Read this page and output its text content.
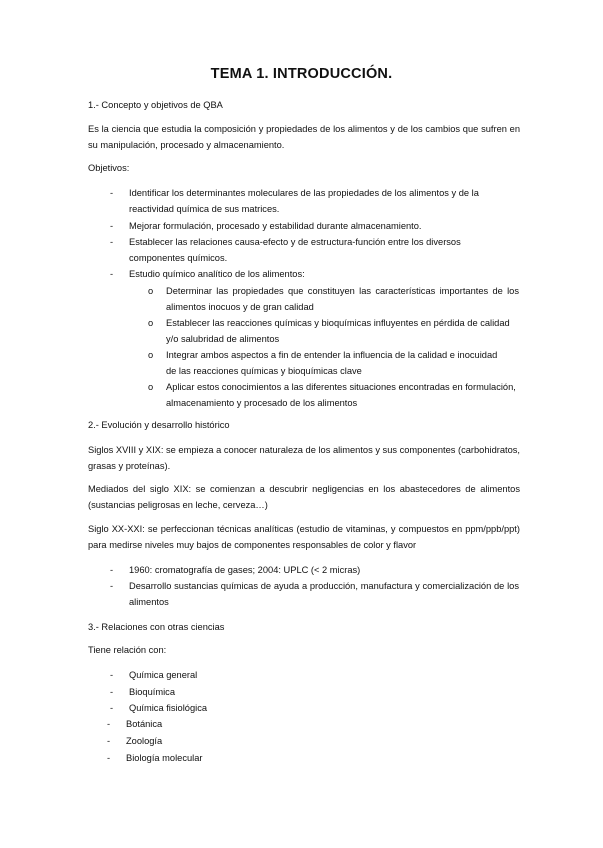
TEMA 1. INTRODUCCIÓN.
1.- Concepto y objetivos de QBA
Es la ciencia que estudia la composición y propiedades de los alimentos y de los cambios que sufren en su manipulación, procesado y almacenamiento.
Objetivos:
- Identificar los determinantes moleculares de las propiedades de los alimentos y de la reactividad química de sus matrices.
- Mejorar formulación, procesado y estabilidad durante almacenamiento.
- Establecer las relaciones causa-efecto y de estructura-función entre los diversos componentes químicos.
- Estudio químico analítico de los alimentos:
o Determinar las propiedades que constituyen las características importantes de los alimentos inocuos y de gran calidad
o Establecer las reacciones químicas y bioquímicas influyentes en pérdida de calidad y/o salubridad de alimentos
o Integrar ambos aspectos a fin de entender la influencia de la calidad e inocuidad de las reacciones químicas y bioquímicas clave
o Aplicar estos conocimientos a las diferentes situaciones encontradas en formulación, almacenamiento y procesado de los alimentos
2.- Evolución y desarrollo histórico
Siglos XVIII y XIX: se empieza a conocer naturaleza de los alimentos y sus componentes (carbohidratos, grasas y proteínas).
Mediados del siglo XIX: se comienzan a descubrir negligencias en los abastecedores de alimentos (sustancias peligrosas en leche, cerveza…)
Siglo XX-XXI: se perfeccionan técnicas analíticas (estudio de vitaminas, y compuestos en ppm/ppb/ppt) para medirse niveles muy bajos de componentes responsables de color y flavor
- 1960: cromatografía de gases; 2004: UPLC (< 2 micras)
- Desarrollo sustancias químicas de ayuda a producción, manufactura y comercialización de los alimentos
3.- Relaciones con otras ciencias
Tiene relación con:
- Química general
- Bioquímica
- Química fisiológica
- Botánica
- Zoología
- Biología molecular
